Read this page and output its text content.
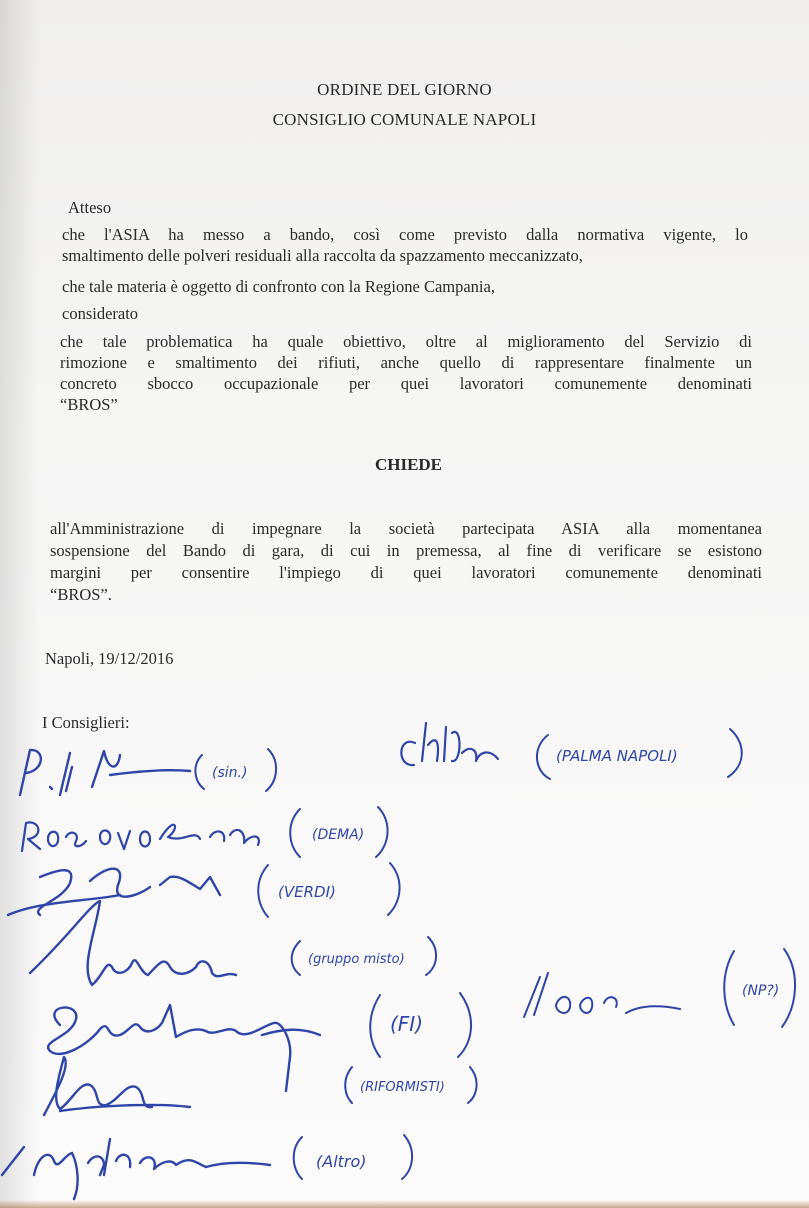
ORDINE DEL GIORNO
CONSIGLIO COMUNALE NAPOLI
Atteso
che l'ASIA ha messo a bando, così come previsto dalla normativa vigente, lo
smaltimento delle polveri residuali alla raccolta da spazzamento meccanizzato,
che tale materia è oggetto di confronto con la Regione Campania,
considerato
che tale problematica ha quale obiettivo, oltre al miglioramento del Servizio di
rimozione e smaltimento dei rifiuti, anche quello di rappresentare finalmente un
concreto sbocco occupazionale per quei lavoratori comunemente denominati
“BROS”
CHIEDE
all'Amministrazione di impegnare la società partecipata ASIA alla momentanea
sospensione del Bando di gara, di cui in premessa, al fine di verificare se esistono
margini per consentire l'impiego di quei lavoratori comunemente denominati
“BROS”.
Napoli, 19/12/2016
I Consiglieri:
(PALMA NAPOLI)
(sin.)
(DEMA)
(VERDI)
(gruppo misto)
(FI)
(NP?)
(RIFORMISTI)
(Altro)
